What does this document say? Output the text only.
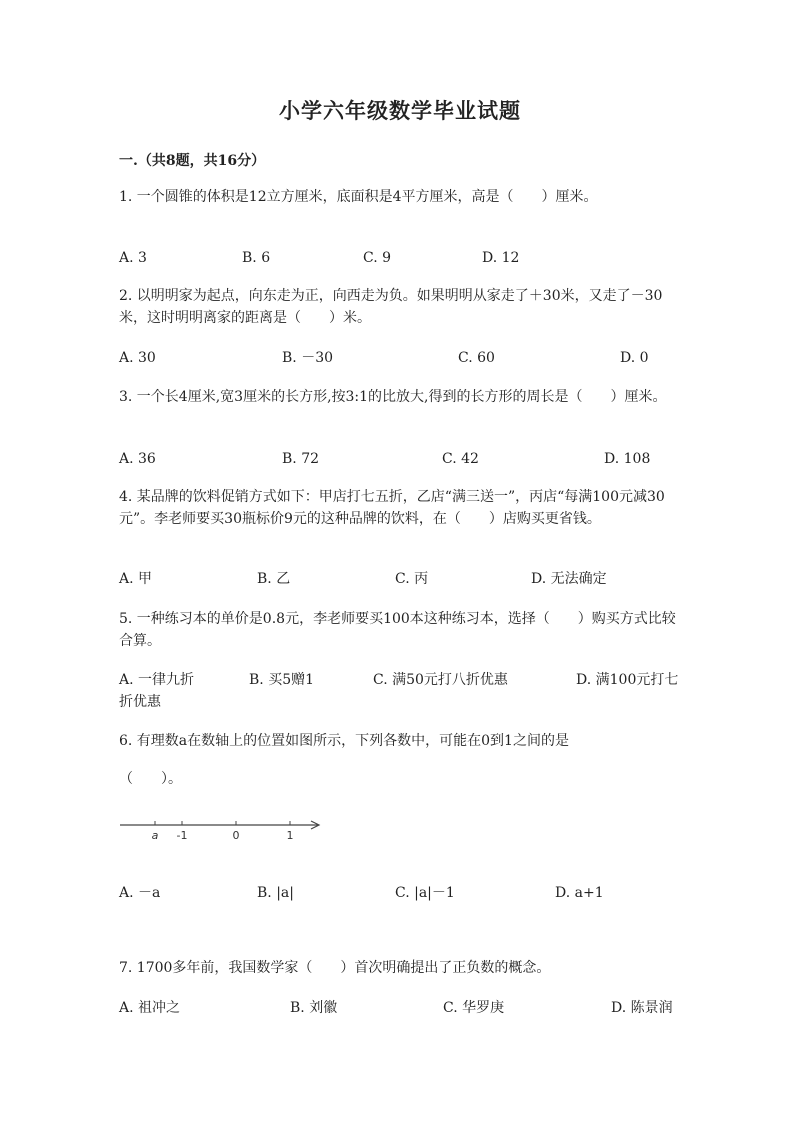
小学六年级数学毕业试题
一.（共8题，共16分）
1. 一个圆锥的体积是12立方厘米，底面积是4平方厘米，高是（　　）厘米。
2. 以明明家为起点，向东走为正，向西走为负。如果明明从家走了＋30米，又走了－30米，这时明明离家的距离是（　　）米。
3. 一个长4厘米,宽3厘米的长方形,按3:1的比放大,得到的长方形的周长是（　　）厘米。
4. 某品牌的饮料促销方式如下：甲店打七五折，乙店“满三送一”，丙店“每满100元减30元”。李老师要买30瓶标价9元的这种品牌的饮料，在（　　）店购买更省钱。
5. 一种练习本的单价是0.8元，李老师要买100本这种练习本，选择（　　）购买方式比较合算。
6. 有理数a在数轴上的位置如图所示，下列各数中，可能在0到1之间的是
（　　）。
7. 1700多年前，我国数学家（　　）首次明确提出了正负数的概念。
A. 3	B. 6	C. 9	D. 12
A. 30	B. －30	C. 60	D. 0
A. 36	B. 72	C. 42	D. 108
A. 甲	B. 乙	C. 丙	D. 无法确定
A. 一律九折	B. 买5赠1	C. 满50元打八折优惠	D. 满100元打七折优惠
A. －a	B. |a|	C. |a|－1	D. a+1
A. 祖冲之	B. 刘徽	C. 华罗庚	D. 陈景润
a -1	0	1
